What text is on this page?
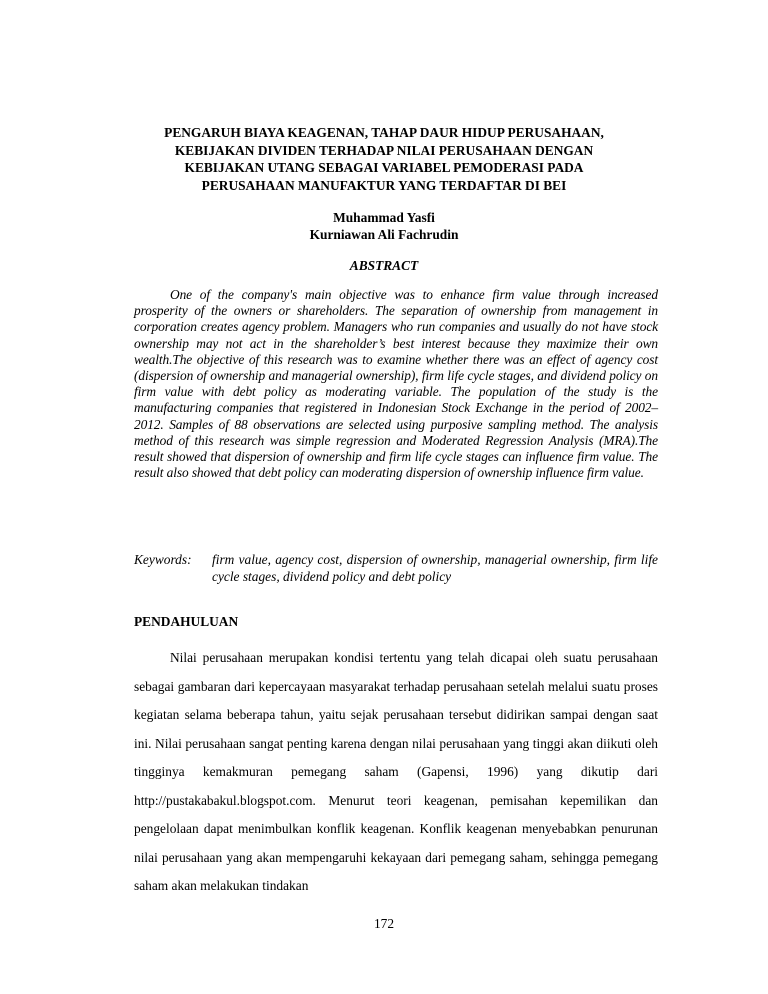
PENGARUH BIAYA KEAGENAN, TAHAP DAUR HIDUP PERUSAHAAN,
KEBIJAKAN DIVIDEN TERHADAP NILAI PERUSAHAAN DENGAN
KEBIJAKAN UTANG SEBAGAI VARIABEL PEMODERASI PADA
PERUSAHAAN MANUFAKTUR YANG TERDAFTAR DI BEI
Muhammad Yasfi
Kurniawan Ali Fachrudin
ABSTRACT
One of the company's main objective was to enhance firm value through increased prosperity of the owners or shareholders. The separation of ownership from management in corporation creates agency problem. Managers who run companies and usually do not have stock ownership may not act in the shareholder’s best interest because they maximize their own wealth.The objective of this research was to examine whether there was an effect of agency cost (dispersion of ownership and managerial ownership), firm life cycle stages, and dividend policy on firm value with debt policy as moderating variable. The population of the study is the manufacturing companies that registered in Indonesian Stock Exchange in the period of 2002–2012. Samples of 88 observations are selected using purposive sampling method. The analysis method of this research was simple regression and Moderated Regression Analysis (MRA).The result showed that dispersion of ownership and firm life cycle stages can influence firm value. The result also showed that debt policy can moderating dispersion of ownership influence firm value.
Keywords:	firm value, agency cost, dispersion of ownership, managerial ownership, firm life cycle stages, dividend policy and debt policy
PENDAHULUAN
Nilai perusahaan merupakan kondisi tertentu yang telah dicapai oleh suatu perusahaan sebagai gambaran dari kepercayaan masyarakat terhadap perusahaan setelah melalui suatu proses kegiatan selama beberapa tahun, yaitu sejak perusahaan tersebut didirikan sampai dengan saat ini. Nilai perusahaan sangat penting karena dengan nilai perusahaan yang tinggi akan diikuti oleh tingginya kemakmuran pemegang saham (Gapensi, 1996) yang dikutip dari http://pustakabakul.blogspot.com. Menurut teori keagenan, pemisahan kepemilikan dan pengelolaan dapat menimbulkan konflik keagenan. Konflik keagenan menyebabkan penurunan nilai perusahaan yang akan mempengaruhi kekayaan dari pemegang saham, sehingga pemegang saham akan melakukan tindakan
172
